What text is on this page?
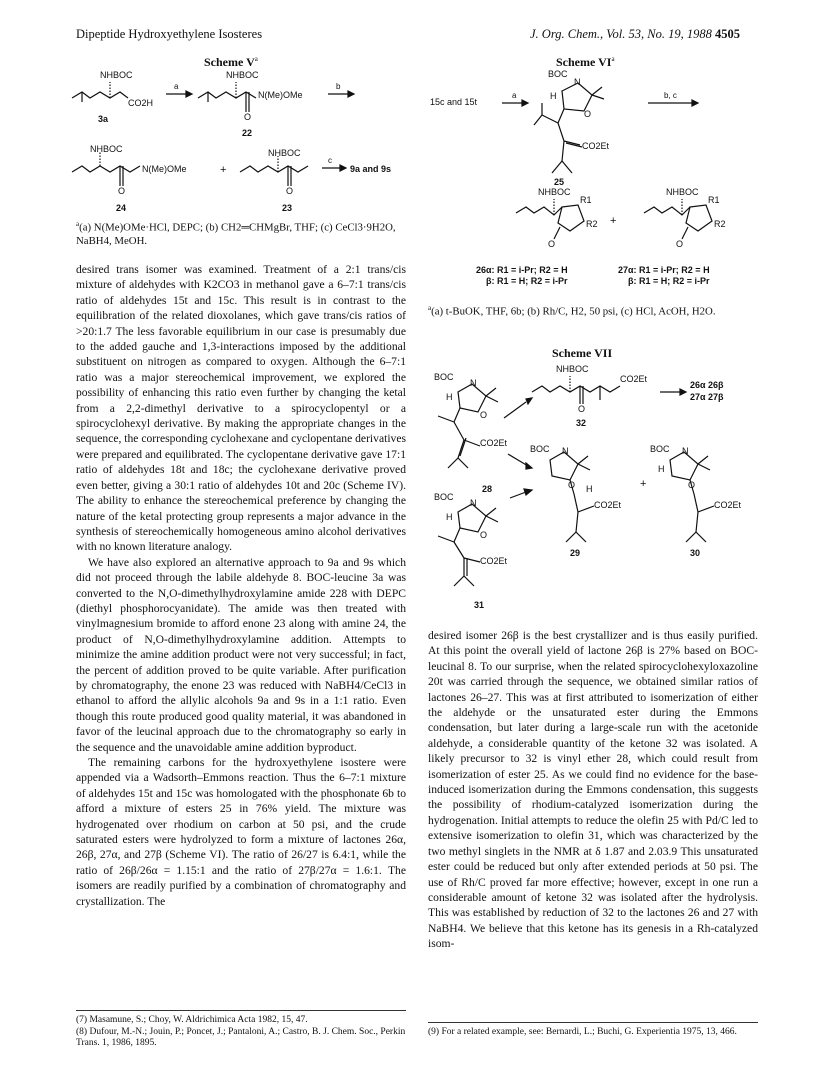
Dipeptide Hydroxyethylene Isosteres	J. Org. Chem., Vol. 53, No. 19, 1988 4505
Scheme $V^a$
NHBOC
CO2H
3a
a
NHBOC
N(Me)OMe
O
22
b
NHBOC
N(Me)OMe
O
24
+
NHBOC
O
23
c
9a and 9s
$^a$(a) N(Me)OMe·HCl, DEPC; (b) CH2═CHMgBr, THF; (c) CeCl3·9H2O, NaBH4, MeOH.
Scheme $VI^a$
BOC
N
H
O
CO2Et
15c and 15t
a	b, c
25
NHBOC
R1
R2
O
+
NHBOC
R1
R2
O
26α: R1 = i-Pr; R2 = H
β: R1 = H; R2 = i-Pr
27α: R1 = i-Pr; R2 = H
β: R1 = H; R2 = i-Pr
$^a$(a) t-BuOK, THF, 6b; (b) Rh/C, H2, 50 psi, (c) HCl, AcOH, H2O.
Scheme VII
NHBOC
CO2Et
O
32
26α 26β
27α 27β
BOC
N
H
O
CO2Et
28
BOC N
O H
CO2Et
29
+
BOC N
H
O
CO2Et
30
BOC
N
H
O
CO2Et
31

desired trans isomer was examined. Treatment of a 2:1 trans/cis mixture of aldehydes with K2CO3 in methanol gave a 6–7:1 trans/cis ratio of aldehydes 15t and 15c. This result is in contrast to the equilibration of the related dioxolanes, which gave trans/cis ratios of >20:1.7 The less favorable equilibrium in our case is presumably due to the added gauche and 1,3-interactions imposed by the additional substituent on nitrogen as compared to oxygen. Although the 6–7:1 ratio was a major stereochemical improvement, we explored the possibility of enhancing this ratio even further by changing the ketal from a 2,2-dimethyl derivative to a spirocyclopentyl or a spirocyclohexyl derivative. By making the appropriate changes in the sequence, the corresponding cyclohexane and cyclopentane derivatives were prepared and equilibrated. The cyclopentane derivative gave 17:1 ratio of aldehydes 18t and 18c; the cyclohexane derivative proved even better, giving a 30:1 ratio of aldehydes 10t and 20c (Scheme IV). The ability to enhance the stereochemical preference by changing the nature of the ketal protecting group represents a major advance in the synthesis of stereochemically homogeneous amino alcohol derivatives with no known literature analogy.

We have also explored an alternative approach to 9a and 9s which did not proceed through the labile aldehyde 8. BOC-leucine 3a was converted to the N,O-dimethylhydroxylamine amide 228 with DEPC (diethyl phosphorocyanidate). The amide was then treated with vinylmagnesium bromide to afford enone 23 along with amine 24, the product of N,O-dimethylhydroxylamine addition. Attempts to minimize the amine addition product were not very successful; in fact, the percent of addition proved to be quite variable. After purification by chromatography, the enone 23 was reduced with NaBH4/CeCl3 in ethanol to afford the allylic alcohols 9a and 9s in a 1:1 ratio. Even though this route produced good quality material, it was abandoned in favor of the leucinal approach due to the chromatography so early in the sequence and the unavoidable amine addition byproduct.

The remaining carbons for the hydroxyethylene isostere were appended via a Wadsorth–Emmons reaction. Thus the 6–7:1 mixture of aldehydes 15t and 15c was homologated with the phosphonate 6b to afford a mixture of esters 25 in 76% yield. The mixture was hydrogenated over rhodium on carbon at 50 psi, and the crude saturated esters were hydrolyzed to form a mixture of lactones 26α, 26β, 27α, and 27β (Scheme VI). The ratio of 26/27 is 6.4:1, while the ratio of 26β/26α = 1.15:1 and the ratio of 27β/27α = 1.6:1. The isomers are readily purified by a combination of chromatography and crystallization. The

desired isomer 26β is the best crystallizer and is thus easily purified. At this point the overall yield of lactone 26β is 27% based on BOC-leucinal 8. To our surprise, when the related spirocyclohexyloxazoline 20t was carried through the sequence, we obtained similar ratios of lactones 26–27. This was at first attributed to isomerization of either the aldehyde or the unsaturated ester during the Emmons condensation, but later during a large-scale run with the acetonide aldehyde, a considerable quantity of the ketone 32 was isolated. A likely precursor to 32 is vinyl ether 28, which could result from isomerization of ester 25. As we could find no evidence for the base-induced isomerization during the Emmons condensation, this suggests the possibility of rhodium-catalyzed isomerization during the hydrogenation. Initial attempts to reduce the olefin 25 with Pd/C led to extensive isomerization to olefin 31, which was characterized by the two methyl singlets in the NMR at δ 1.87 and 2.03.9 This unsaturated ester could be reduced but only after extended periods at 50 psi. The use of Rh/C proved far more effective; however, except in one run a considerable amount of ketone 32 was isolated after the hydrolysis. This was established by reduction of 32 to the lactones 26 and 27 with NaBH4. We believe that this ketone has its genesis in a Rh-catalyzed isom-

(7) Masamune, S.; Choy, W. Aldrichimica Acta 1982, 15, 47.
(8) Dufour, M.-N.; Jouin, P.; Poncet, J.; Pantaloni, A.; Castro, B. J. Chem. Soc., Perkin Trans. 1, 1986, 1895.
(9) For a related example, see: Bernardi, L.; Buchi, G. Experientia 1975, 13, 466.
